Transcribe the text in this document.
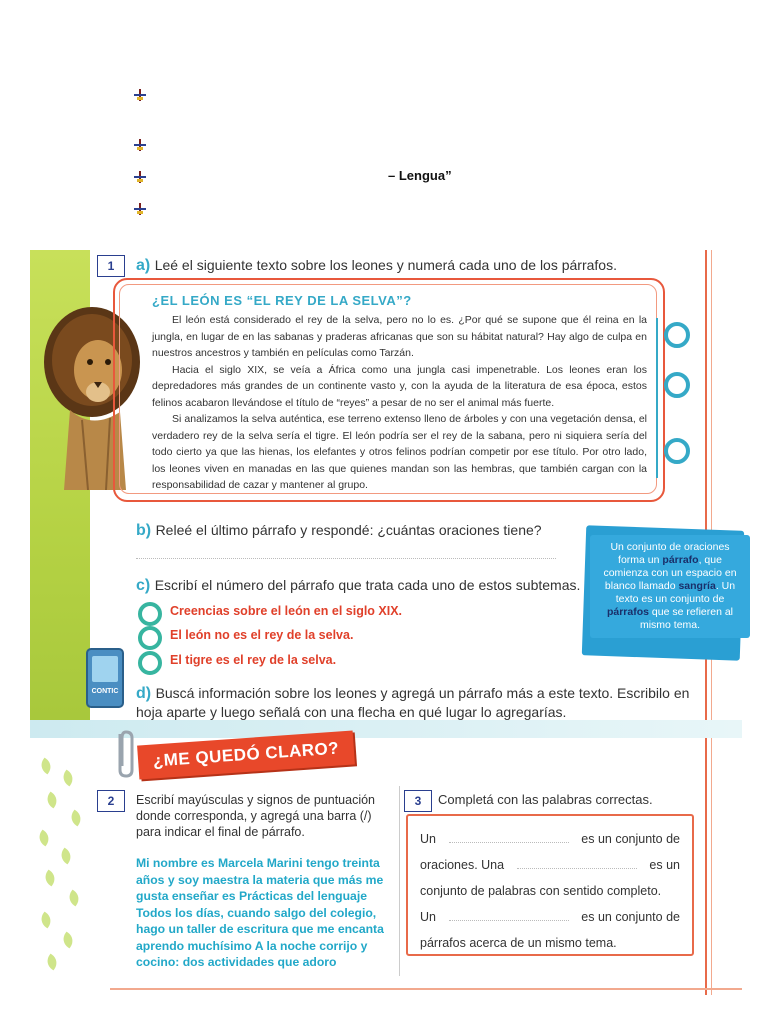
– Lengua”
1	a) Leé el siguiente texto sobre los leones y numerá cada uno de los párrafos.
¿EL LEÓN ES “EL REY DE LA SELVA”?

El león está considerado el rey de la selva, pero no lo es. ¿Por qué se supone que él reina en la jungla, en lugar de en las sabanas y praderas africanas que son su hábitat natural? Hay algo de culpa en nuestros ancestros y también en películas como Tarzán.

Hacia el siglo XIX, se veía a África como una jungla casi impenetrable. Los leones eran los depredadores más grandes de un continente vasto y, con la ayuda de la literatura de esa época, estos felinos acabaron llevándose el título de “reyes” a pesar de no ser el animal más fuerte.

Si analizamos la selva auténtica, ese terreno extenso lleno de árboles y con una vegetación densa, el verdadero rey de la selva sería el tigre. El león podría ser el rey de la sabana, pero ni siquiera sería del todo cierto ya que las hienas, los elefantes y otros felinos podrían competir por ese título. Por otro lado, los leones viven en manadas en las que quienes mandan son las hembras, que también cargan con la responsabilidad de cazar y mantener al grupo.

b) Releé el último párrafo y respondé: ¿cuántas oraciones tiene?
c) Escribí el número del párrafo que trata cada uno de estos subtemas.
Creencias sobre el león en el siglo XIX.
El león no es el rey de la selva.
El tigre es el rey de la selva.
CONTIC
Un conjunto de oraciones forma un párrafo, que comienza con un espacio en blanco llamado sangría. Un texto es un conjunto de párrafos que se refieren al mismo tema.
d) Buscá información sobre los leones y agregá un párrafo más a este texto. Escribilo en hoja aparte y luego señalá con una flecha en qué lugar lo agregarías.
¿ME QUEDÓ CLARO?
2	Escribí mayúsculas y signos de puntuación donde corresponda, y agregá una barra (/) para indicar el final de párrafo.
Mi nombre es Marcela Marini tengo treinta años y soy maestra la materia que más me gusta enseñar es Prácticas del lenguaje Todos los días, cuando salgo del colegio, hago un taller de escritura que me encanta aprendo muchísimo A la noche corrijo y cocino: dos actividades que adoro
3	Completá con las palabras correctas.
Un	es un conjunto de
oraciones. Una	es un
conjunto de palabras con sentido completo.
Un	es un conjunto de
párrafos acerca de un mismo tema.
